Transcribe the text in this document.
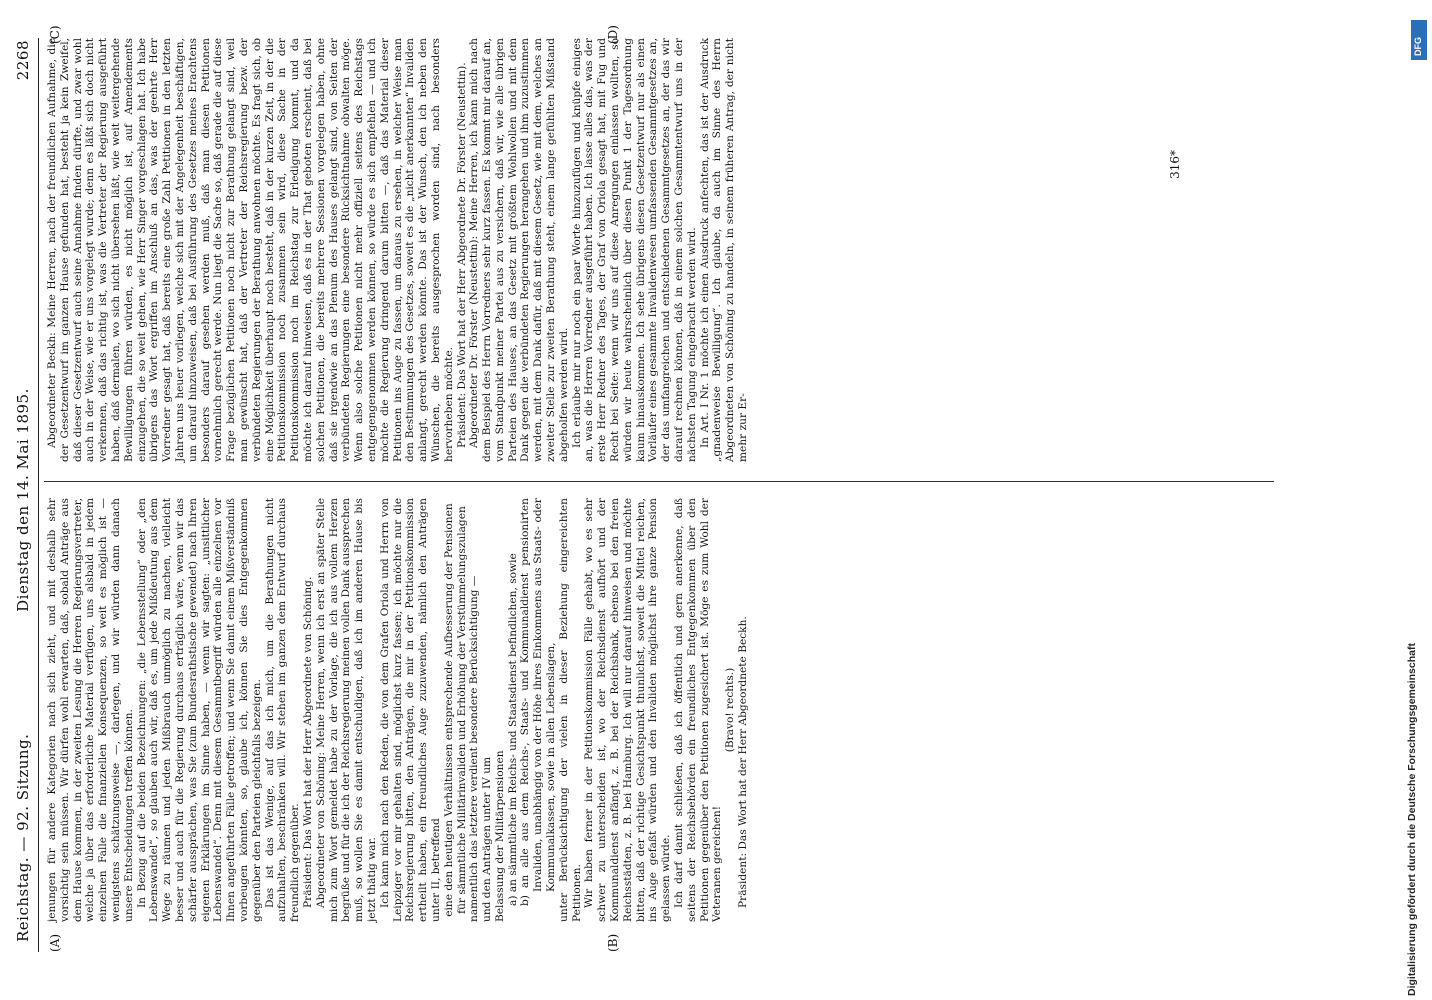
Reichstag. — 92. Sitzung.
Dienstag den 14. Mai 1895.
2268
(A)	(B)
(C)	(D)

jenungen für andere Kategorien nach sich zieht, und mit deshalb sehr vorsichtig sein müssen. Wir dürfen wohl erwarten, daß, sobald Anträge aus dem Hause kommen, in der zweiten Lesung die Herren Regierungsvertreter, welche ja über das erforderliche Material verfügen, uns alsbald in jedem einzelnen Falle die finanziellen Konsequenzen, so weit es möglich ist — wenigstens schätzungsweise —, darlegen, und wir würden dann danach unsere Entscheidungen treffen können. In Bezug auf die beiden Bezeichnungen: „die Lebensstellung“ oder „den Lebenswandel“, so glauben auch wir, daß es, um jede Mißdeutung aus dem Wege zu räumen und jeden Mißbrauch unmöglich zu machen, vielleicht besser und auch für die Regierung durchaus erträglich wäre, wenn wir das schärfer aussprächen, was Sie (zum Bundesrathstische gewendet) nach Ihren eigenen Erklärungen im Sinne haben, — wenn wir sagten: „unsittlicher Lebenswandel“. Denn mit diesem Gesammtbegriff würden alle einzelnen vor Ihnen angeführten Fälle getroffen; und wenn Sie damit einem Mißverständniß vorbeugen könnten, so, glaube ich, können Sie dies Entgegenkommen gegenüber den Parteien gleichfalls bezeigen. Das ist das Wenige, auf das ich mich, um die Berathungen nicht aufzuhalten, beschränken will. Wir stehen im ganzen dem Entwurf durchaus freundlich gegenüber. Präsident: Das Wort hat der Herr Abgeordnete von Schöning. Abgeordneter von Schöning: Meine Herren, wenn ich erst an später Stelle mich zum Wort gemeldet habe zu der Vorlage, die ich aus vollem Herzen begrüße und für die ich der Reichsregierung meinen vollen Dank aussprechen muß, so wollen Sie es damit entschuldigen, daß ich im anderen Hause bis jetzt thätig war. Ich kann mich nach den Reden, die von dem Grafen Oriola und Herrn von Leipziger vor mir gehalten sind, möglichst kurz fassen; ich möchte nur die Reichsregierung bitten, den Anträgen, die mir in der Petitionskommission ertheilt haben, ein freundliches Auge zuzuwenden, nämlich den Anträgen unter II, betreffend eine den heutigen Verhältnissen entsprechende Aufbesserung der Pensionen für sämmtliche Militärinvaliden und Erhöhung der Verstümmelungszulagen namentlich das letztere verdient besondere Berücksichtigung — und den Anträgen unter IV um Belassung der Militärpensionen a) an sämmtliche im Reichs- und Staatsdienst befindlichen, sowie b) an alle aus dem Reichs-, Staats- und Kommunaldienst pensionirten Invaliden, unabhängig von der Höhe ihres Einkommens aus Staats- oder Kommunalkassen, sowie in allen Lebenslagen, unter Berücksichtigung der vielen in dieser Beziehung eingereichten Petitionen. Wir haben ferner in der Petitionskommission Fälle gehabt, wo es sehr schwer zu unterscheiden ist, wo der Reichsdienst aufhört und der Kommunaldienst anfängt, z. B. bei der Reichsbank, ebenso bei den freien Reichsstädten, z. B. bei Hamburg. Ich will nur darauf hinweisen und möchte bitten, daß der richtige Gesichtspunkt thunlichst, soweit die Mittel reichen, ins Auge gefaßt würden und den Invaliden möglichst ihre ganze Pension gelassen würde. Ich darf damit schließen, daß ich öffentlich und gern anerkenne, daß seitens der Reichsbehörden ein freundliches Entgegenkommen über den Petitionen gegenüber den Petitionen zugesichert ist. Möge es zum Wohl der Veteranen gereichen!

(Bravo! rechts.) Präsident: Das Wort hat der Herr Abgeordnete Beckh.

Abgeordneter Beckh: Meine Herren, nach der freundlichen Aufnahme, die der Gesetzentwurf im ganzen Hause gefunden hat, besteht ja kein Zweifel, daß dieser Gesetzentwurf auch seine Annahme finden dürfte, und zwar wohl auch in der Weise, wie er uns vorgelegt wurde; denn es läßt sich doch nicht verkennen, daß das richtig ist, was die Vertreter der Regierung ausgeführt haben, daß dermalen, wo sich nicht übersehen läßt, wie weit weitergehende Bewilligungen führen würden, es nicht möglich ist, auf Amendements einzugehen, die so weit gehen, wie Herr Singer vorgeschlagen hat. Ich habe übrigens das Wort ergriffen im Anschluß an das, was der geehrte Herr Vorredner gesagt hat, daß bereits eine große Zahl Petitionen in den letzten Jahren uns heuer vorliegen, welche sich mit der Angelegenheit beschäftigen, um darauf hinzuweisen, daß bei Ausführung des Gesetzes meines Erachtens besonders darauf gesehen werden muß, daß man diesen Petitionen vornehmlich gerecht werde. Nun liegt die Sache so, daß gerade die auf diese Frage bezüglichen Petitionen noch nicht zur Berathung gelangt sind, weil man gewünscht hat, daß der Vertreter der Reichsregierung bezw. der verbündeten Regierungen der Berathung anwohnen möchte. Es fragt sich, ob eine Möglichkeit überhaupt noch besteht, daß in der kurzen Zeit, in der die Petitionskommission noch zusammen sein wird, diese Sache in der Petitionskommission noch im Reichstag zur Erledigung kommt, und da möchte ich darauf hinweisen, daß es in der That geboten erscheint, daß bei solchen Petitionen, die bereits mehrere Sessionen vorgelegen haben, ohne daß sie irgendwie an das Plenum des Hauses gelangt sind, von Seiten der verbündeten Regierungen eine besondere Rücksichtnahme obwalten möge. Wenn also solche Petitionen nicht mehr offiziell seitens des Reichstags entgegengenommen werden können, so würde es sich empfehlen — und ich möchte die Regierung dringend darum bitten —, daß das Material dieser Petitionen ins Auge zu fassen, um daraus zu ersehen, in welcher Weise man den Bestimmungen des Gesetzes, soweit es die „nicht anerkannten“ Invaliden anlangt, gerecht werden könnte. Das ist der Wunsch, den ich neben den Wünschen, die bereits ausgesprochen worden sind, nach besonders hervorheben möchte. Präsident: Das Wort hat der Herr Abgeordnete Dr. Förster (Neustettin). Abgeordneter Dr. Förster (Neustettin): Meine Herren, ich kann mich nach dem Beispiel des Herrn Vorredners sehr kurz fassen. Es kommt mir darauf an, vom Standpunkt meiner Partei aus zu versichern, daß wir, wie alle übrigen Parteien des Hauses, an das Gesetz mit größtem Wohlwollen und mit dem Dank gegen die verbündeten Regierungen herangehen und ihm zuzustimmen werden, mit dem Dank dafür, daß mit diesem Gesetz, wie mit dem, welches an zweiter Stelle zur zweiten Berathung steht, einem lange gefühlten Mißstand abgeholfen werden wird. Ich erlaube mir nur noch ein paar Worte hinzuzufügen und knüpfe einiges an, was die Herren Vorredner ausgeführt haben. Ich lasse alles das, was der erste Herr Redner des Tages, der Graf von Oriola gesagt hat, mit Fug und Recht bei Seite: wenn wir uns auf diese Anregungen einlassen wollten, so würden wir heute wahrscheinlich über diesen Punkt 1 der Tagesordnung kaum hinauskommen. Ich sehe übrigens diesen Gesetzentwurf nur als einen Vorläufer eines gesammte Invalidenwesen umfassenden Gesammtgesetzes an, der das umfangreichen und entschiedenen Gesammtgesetzes an, der das wir darauf rechnen können, daß in einem solchen Gesammtentwurf uns in der nächsten Tagung eingebracht werden wird. In Art. I Nr. 1 möchte ich einen Ausdruck anfechten, das ist der Ausdruck „gnadenweise Bewilligung“. Ich glaube, da auch im Sinne des Herrn Abgeordneten von Schöning zu handeln, in seinem früheren Antrag, der nicht mehr zur Er-

316*
DFG
Digitalisierung gefördert durch die Deutsche Forschungsgemeinschaft
